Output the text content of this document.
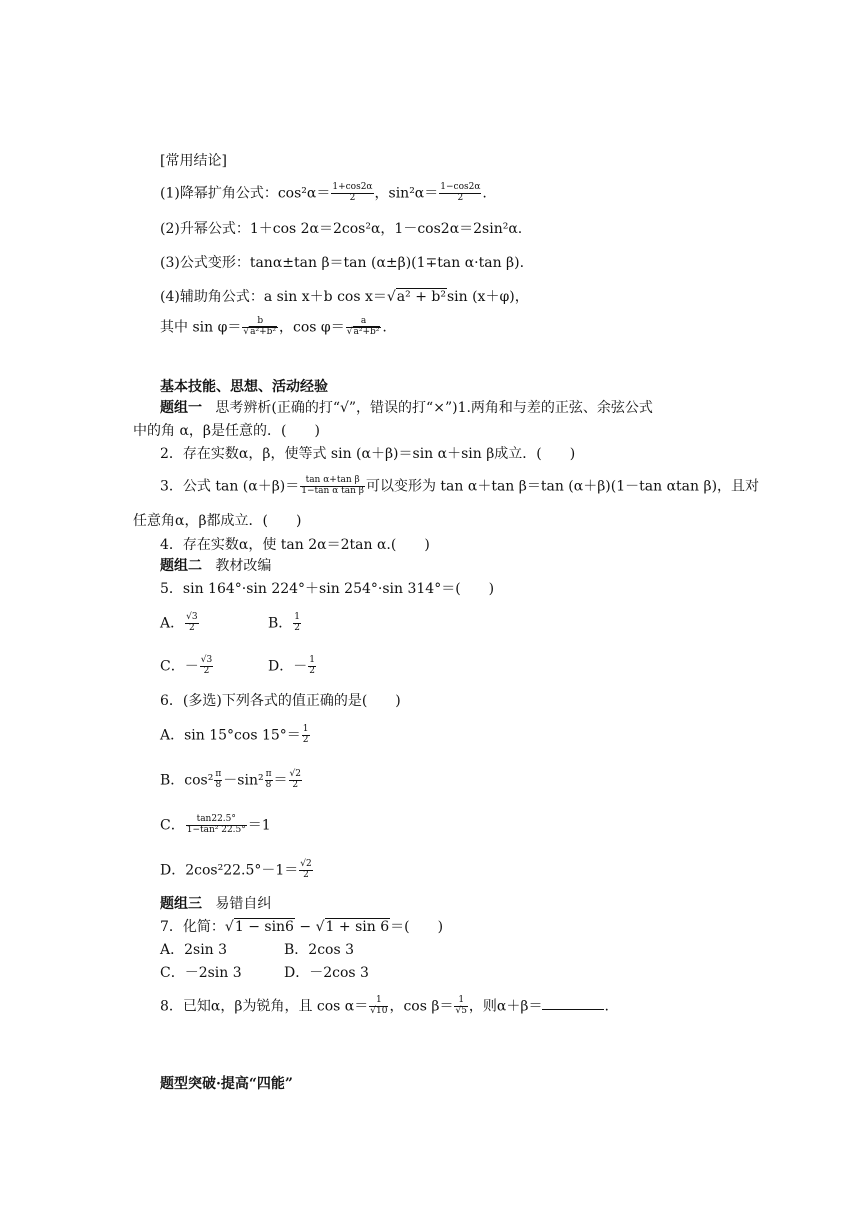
[常用结论]
(1)降幂扩角公式：$\cos^2\alpha= \frac{1+\cos 2\alpha}{2}$ ，$\sin^2\alpha= \frac{1-\cos 2\alpha}{2}$ .
(2)升幂公式：1＋cos 2α＝2cos²α，1－cos2α＝2sin²α.
(3)公式变形：tanα±tan β＝tan (α±β)(1∓tan α·tan β).
(4)辅助角公式：a sin x＋b cos x＝√a² + b²sin (x＋φ)，
其中 $\sin \varphi= \frac{b}{\text{√a²+b²}}$ ，$\cos \varphi= \frac{a}{\text{√a²+b²}}$ .
基本技能、思想、活动经验
题组一 思考辨析(正确的打“√”，错误的打“×”)1.两角和与差的正弦、余弦公式
中的角 α，β是任意的．(　　)
2．存在实数α，β，使等式 sin (α＋β)＝sin α＋sin β成立．(　　)
3．公式 $\tan (\alpha+\beta)= \frac{\text{tan α+tan β}}{\text{1−tan α tan β}}$ 可以变形为 tan α＋tan β＝tan (α＋β)(1－tan αtan β)，且对
任意角α，β都成立．(　　)
4．存在实数α，使 tan 2α＝2tan α.(　　)
题组二 教材改编
5．sin 164°·sin 224°＋sin 254°·sin 314°＝(　　)
A． $\frac{√3}{2}$	B． $\frac{1}{2}$
C．－ $\frac{√3}{2}$	D．－ $\frac{1}{2}$
6．(多选)下列各式的值正确的是(　　)
A．sin 15°cos $15^\circ= \frac{1}{2}$
B．$\cos^2 \frac{\pi}{8} -\sin^2 \frac{\pi}{8} = \frac{√2}{2}$
C． $\frac{\tan 22.5^\circ}{\text{1−tan² 22.5°}} =1$
D．$2\cos^222.5^\circ-1= \frac{√2}{2}$
题组三 易错自纠
7．化简：√1 − sin6 − √1 + sin 6＝(　　)
A．2sin 3	B．2cos 3
C．－2sin 3	D．－2cos 3
8．已知α，β为锐角，且 $\cos \alpha= \frac{1}{√10}$ ，$\cos \beta= \frac{1}{√5}$ ，则α＋β＝	.
题型突破·提高“四能”
